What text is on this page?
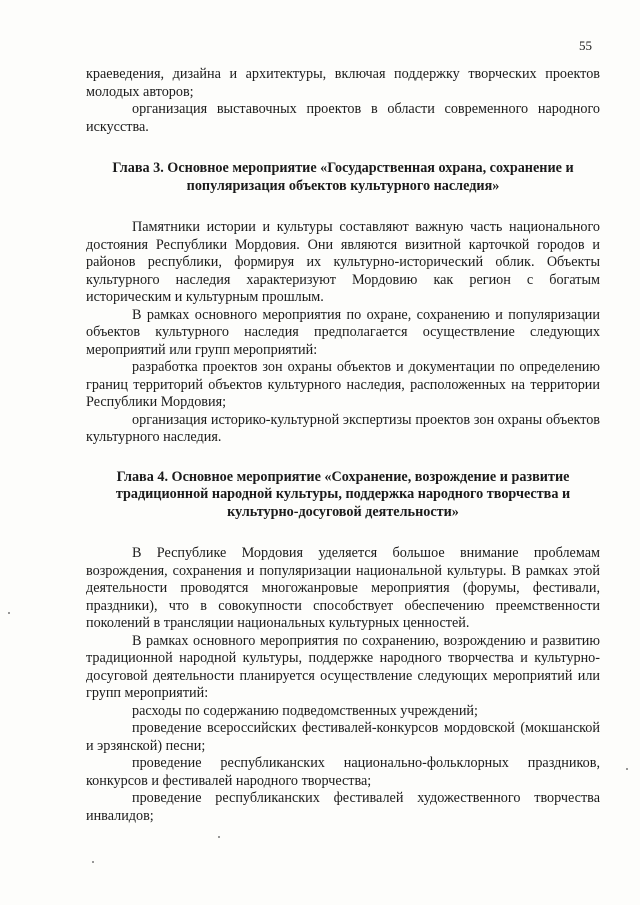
55

краеведения, дизайна и архитектуры, включая поддержку творческих проектов молодых авторов;

организация выставочных проектов в области современного народного искусства.

Глава 3. Основное мероприятие «Государственная охрана, сохранение и популяризация объектов культурного наследия»

Памятники истории и культуры составляют важную часть национального достояния Республики Мордовия. Они являются визитной карточкой городов и районов республики, формируя их культурно-исторический облик. Объекты культурного наследия характеризуют Мордовию как регион с богатым историческим и культурным прошлым.

В рамках основного мероприятия по охране, сохранению и популяризации объектов культурного наследия предполагается осуществление следующих мероприятий или групп мероприятий:

разработка проектов зон охраны объектов и документации по определению границ территорий объектов культурного наследия, расположенных на территории Республики Мордовия;
организация историко-культурной экспертизы проектов зон охраны объектов культурного наследия.
Глава 4. Основное мероприятие «Сохранение, возрождение и развитие традиционной народной культуры, поддержка народного творчества и культурно-досуговой деятельности»

В Республике Мордовия уделяется большое внимание проблемам возрождения, сохранения и популяризации национальной культуры. В рамках этой деятельности проводятся многожанровые мероприятия (форумы, фестивали, праздники), что в совокупности способствует обеспечению преемственности поколений в трансляции национальных культурных ценностей.

В рамках основного мероприятия по сохранению, возрождению и развитию традиционной народной культуры, поддержке народного творчества и культурно-досуговой деятельности планируется осуществление следующих мероприятий или групп мероприятий:

расходы по содержанию подведомственных учреждений;
проведение всероссийских фестивалей-конкурсов мордовской (мокшанской и эрзянской) песни;
проведение республиканских национально-фольклорных праздников, конкурсов и фестивалей народного творчества;
проведение республиканских фестивалей художественного творчества инвалидов;
